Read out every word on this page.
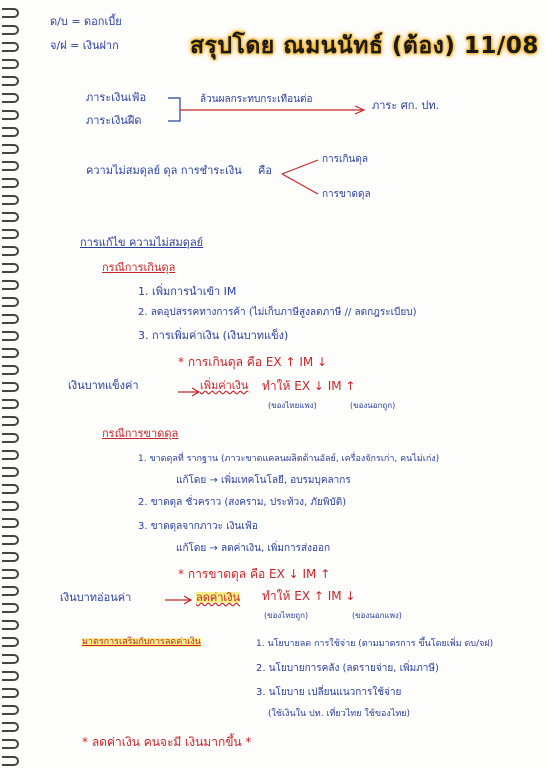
ด/บ = ดอกเบี้ย
จ/ฝ = เงินฝาก	สรุปโดย ณมนนัทธ์ (ต้อง) 11/08
ภาระเงินเฟ้อ
ภาระเงินฝืด
ล้วนผลกระทบกระเทือนต่อ	ภาระ ศก. ปท.
ความไม่สมดุลย์ ดุล การชำระเงิน คือ
การเกินดุล
การขาดดุล
การแก้ไข ความไม่สมดุลย์
กรณีการเกินดุล
1. เพิ่มการนำเข้า IM
2. ลดอุปสรรคทางการค้า (ไม่เก็บภาษีสูงลดภาษี // ลดกฎระเบียบ)
3. การเพิ่มค่าเงิน (เงินบาทแข็ง)
* การเกินดุล คือ EX ↑ IM ↓
เงินบาทแข็งค่า	เพิ่มค่าเงิน ทำให้ EX ↓ IM ↑
(ของไทยแพง)	(ของนอกถูก)
กรณีการขาดดุล
1. ขาดดุลที่ รากฐาน (ภาวะขาดแคลนผลิตด้านอัลย์, เครื่องจักรเก่า, คนไม่เก่ง)
แก้โดย → เพิ่มเทคโนโลยี, อบรมบุคลากร
2. ขาดดุล ชั่วคราว (สงคราม, ประท้วง, ภัยพิบัติ)
3. ขาดดุลจากภาวะ เงินเฟ้อ
แก้โดย → ลดค่าเงิน, เพิ่มการส่งออก
* การขาดดุล คือ EX ↓ IM ↑
เงินบาทอ่อนค่า	ลดค่าเงิน ทำให้ EX ↑ IM ↓
(ของไทยถูก)	(ของนอกแพง)
มาตรการเสริมกับการลดค่าเงิน	1. นโยบายลด การใช้จ่าย (ตามมาตรการ ขึ้นโดยเพิ่ม ดบ/จฝ)
2. นโยบายการคลัง (ลดรายจ่าย, เพิ่มภาษี)
3. นโยบาย เปลี่ยนแนวการใช้จ่าย
(ใช้เงินใน ปท. เที่ยวไทย ใช้ของไทย)
* ลดค่าเงิน คนจะมี เงินมากขึ้น *
